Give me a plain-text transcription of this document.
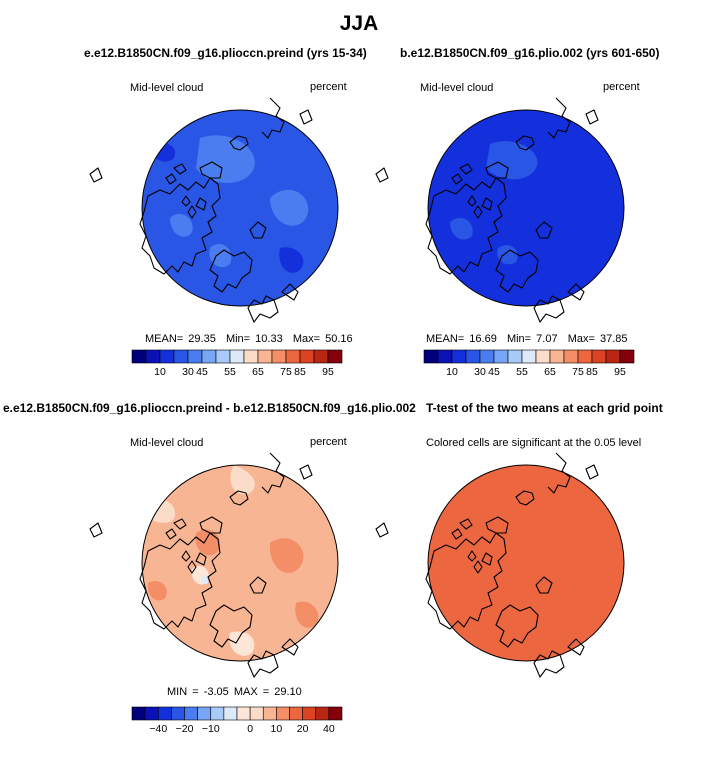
JJA
e.e12.B1850CN.f09_g16.plioccn.preind (yrs 15-34)
Mid-level cloud	percent
MEAN= 29.35 Min= 10.33 Max= 50.16
10 30 45 55 65 75 85 95
b.e12.B1850CN.f09_g16.plio.002 (yrs 601-650)
Mid-level cloud	percent
MEAN= 16.69 Min= 7.07 Max= 37.85
10 30 45 55 65 75 85 95
T-test of the two means at each grid point
e.e12.B1850CN.f09_g16.plioccn.preind - b.e12.B1850CN.f09_g16.plio.002
Mid-level cloud	percent
MIN = -3.05 MAX = 29.10
−40 −20 −10	0 10 20 40
Colored cells are significant at the 0.05 level
